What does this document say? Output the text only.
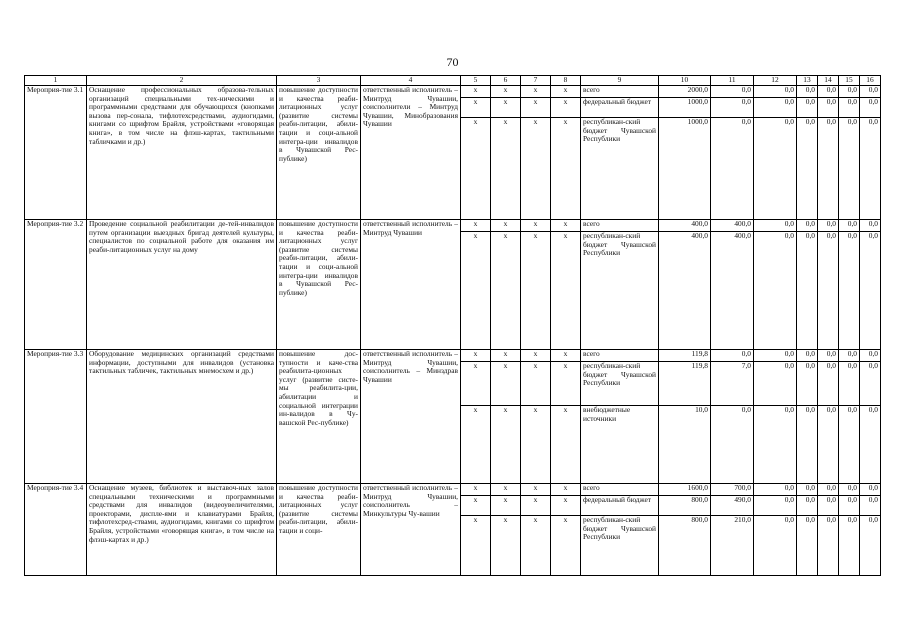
70
1	2	3	4	5	6	7	8	9	10	11	12	13	14	15	16
Мероприя-тие 3.1	Оснащение профессиональных образова-тельных организаций специальными тех-ническими и программными средствами для обучающихся (кнопками вызова пер-сонала, тифлотехсредствами, аудиогидами, книгами со шрифтом Брайля, устройствами «говорящая книга», в том числе на флэш-картах, тактильными табличками и др.)	повышение доступности и качества реаби-литационных услуг (развитие системы реаби-литации, абили-тации и соци-альной интегра-ции инвалидов в Чувашской Рес-публике)	ответственный исполнитель – Минтруд Чувашии, соисполнители – Минтруд Чувашии, Минобразования Чувашии	x	x	x	x	всего	2000,0	0,0	0,0	0,0	0,0	0,0	0,0
				x	x	x	x	федеральный бюджет	1000,0	0,0	0,0	0,0	0,0	0,0	0,0
				x	x	x	x	республикан-ский бюджет Чувашской Республики	1000,0	0,0	0,0	0,0	0,0	0,0	0,0
Мероприя-тие 3.2	Проведение социальной реабилитации де-тей-инвалидов путем организации выездных бригад деятелей культуры, специалистов по социальной работе для оказания им реаби-литационных услуг на дому	повышение доступности и качества реаби-литационных услуг (развитие системы реаби-литации, абили-тации и соци-альной интегра-ции инвалидов в Чувашской Рес-публике)	ответственный исполнитель – Минтруд Чувашии	x	x	x	x	всего	400,0	400,0	0,0	0,0	0,0	0,0	0,0
				x	x	x	x	республикан-ский бюджет Чувашской Республики	400,0	400,0	0,0	0,0	0,0	0,0	0,0
Мероприя-тие 3.3	Оборудование медицинских организаций средствами информации, доступными для инвалидов (установка тактильных табличек, тактильных мнемосхем и др.)	повышение дос-тупности и каче-ства реабилита-ционных услуг (развитие систе-мы реабилита-ции, абилитации и социальной интеграции ин-валидов в Чу-вашской Рес-публике)	ответственный исполнитель – Минтруд Чувашии, соисполнитель – Минздрав Чувашии	x	x	x	x	всего	119,8	0,0	0,0	0,0	0,0	0,0	0,0
				x	x	x	x	республикан-ский бюджет Чувашской Республики	119,8	7,0	0,0	0,0	0,0	0,0	0,0
				x	x	x	x	внебюджетные источники	10,0	0,0	0,0	0,0	0,0	0,0	0,0
Мероприя-тие 3.4	Оснащение музеев, библиотек и выставоч-ных залов специальными техническими и программными средствами для инвалидов (видеоувеличителями, проекторами, диспле-ями и клавиатурами Брайля, тифлотехсред-ствами, аудиогидами, книгами со шрифтом Брайля, устройствами «говорящая книга», в том числе на флэш-картах и др.)	повышение доступности и качества реаби-литационных услуг (развитие системы реаби-литации, абили-тации и соци-	ответственный исполнитель – Минтруд Чувашии, соисполнитель – Минкультуры Чу-вашии	x	x	x	x	всего	1600,0	700,0	0,0	0,0	0,0	0,0	0,0
				x	x	x	x	федеральный бюджет	800,0	490,0	0,0	0,0	0,0	0,0	0,0
				x	x	x	x	республикан-ский бюджет Чувашской Республики	800,0	210,0	0,0	0,0	0,0	0,0	0,0
